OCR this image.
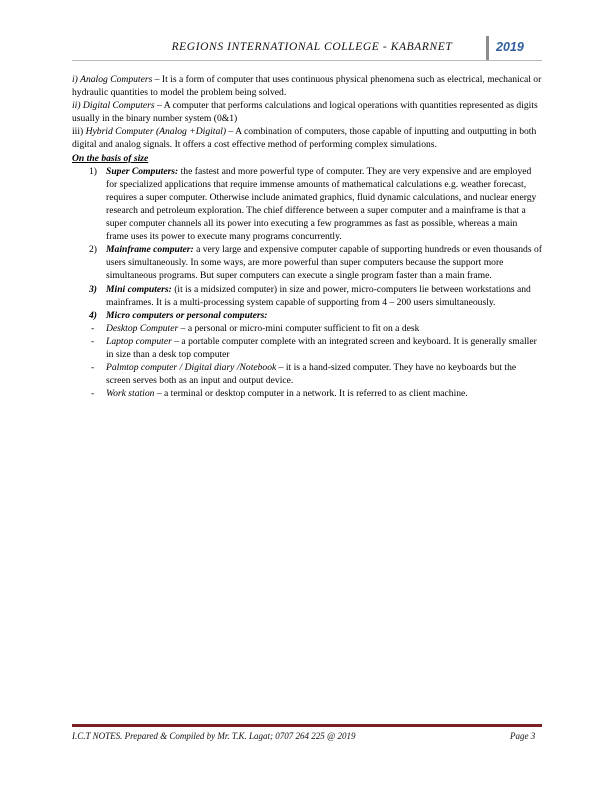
REGIONS INTERNATIONAL COLLEGE - KABARNET	2019

i) Analog Computers – It is a form of computer that uses continuous physical phenomena such as electrical, mechanical or hydraulic quantities to model the problem being solved.

ii) Digital Computers – A computer that performs calculations and logical operations with quantities represented as digits usually in the binary number system (0&1)

iii) Hybrid Computer (Analog +Digital) – A combination of computers, those capable of inputting and outputting in both digital and analog signals. It offers a cost effective method of performing complex simulations.

On the basis of size

1) Super Computers: the fastest and more powerful type of computer. They are very expensive and are employed for specialized applications that require immense amounts of mathematical calculations e.g. weather forecast, requires a super computer. Otherwise include animated graphics, fluid dynamic calculations, and nuclear energy research and petroleum exploration. The chief difference between a super computer and a mainframe is that a super computer channels all its power into executing a few programmes as fast as possible, whereas a main frame uses its power to execute many programs concurrently.
2) Mainframe computer: a very large and expensive computer capable of supporting hundreds or even thousands of users simultaneously. In some ways, are more powerful than super computers because the support more simultaneous programs. But super computers can execute a single program faster than a main frame.
3) Mini computers: (it is a midsized computer) in size and power, micro-computers lie between workstations and mainframes. It is a multi-processing system capable of supporting from 4 – 200 users simultaneously.
4) Micro computers or personal computers:
- Desktop Computer – a personal or micro-mini computer sufficient to fit on a desk
- Laptop computer – a portable computer complete with an integrated screen and keyboard. It is generally smaller in size than a desk top computer
- Palmtop computer / Digital diary /Notebook – it is a hand-sized computer. They have no keyboards but the screen serves both as an input and output device.
- Work station – a terminal or desktop computer in a network. It is referred to as client machine.
I.C.T NOTES. Prepared & Compiled by Mr. T.K. Lagat; 0707 264 225 @ 2019	Page 3
